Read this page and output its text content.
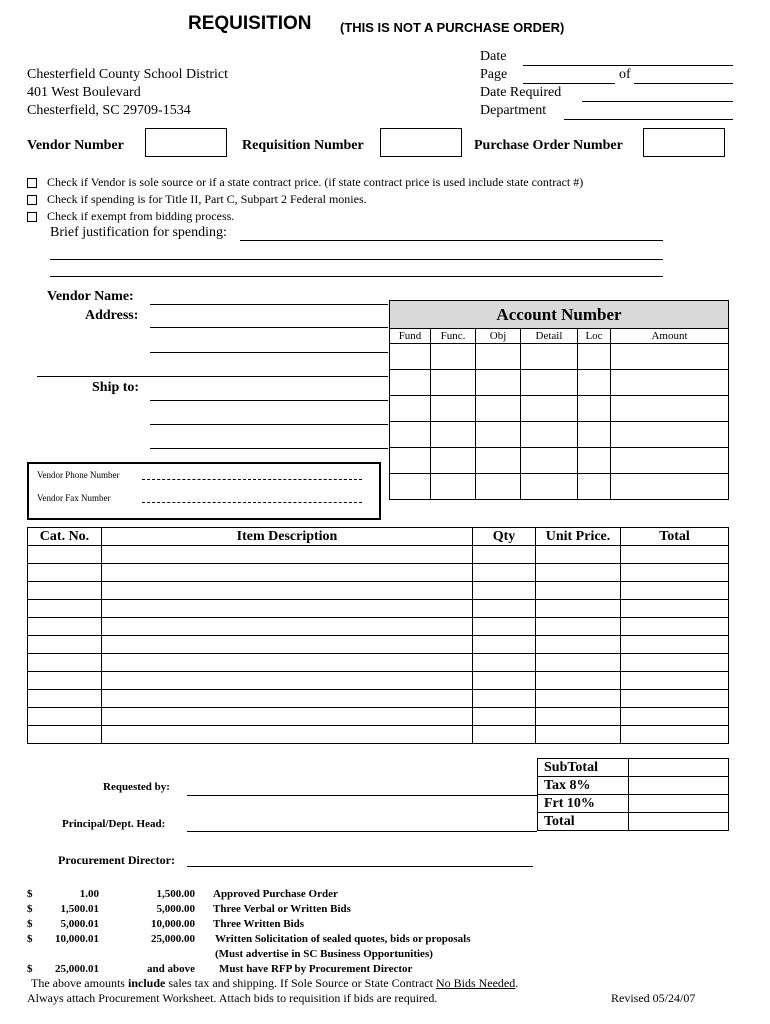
REQUISITION (THIS IS NOT A PURCHASE ORDER)
Chesterfield County School District
401 West Boulevard
Chesterfield, SC 29709-1534
Date
Page	of
Date Required
Department
Vendor Number	Requisition Number	Purchase Order Number
Check if Vendor is sole source or if a state contract price. (if state contract price is used include state contract #)
Check if spending is for Title II, Part C, Subpart 2 Federal monies.
Check if exempt from bidding process.
Brief justification for spending:
Vendor Name:
Address:
Ship to:
Vendor Phone Number
Vendor Fax Number
Account Number					
Fund	Func.	Obj	Detail	Loc	Amount

Cat. No.	Item Description	Qty	Unit Price.	Total

SubTotal	
Tax 8%	
Frt 10%	
Total	
Requested by:
Principal/Dept. Head:
Procurement Director:
$	1.00	1,500.00	Approved Purchase Order
$	1,500.01	5,000.00	Three Verbal or Written Bids
$	5,000.01	10,000.00	Three Written Bids
$	10,000.01	25,000.00	Written Solicitation of sealed quotes, bids or proposals
			(Must advertise in SC Business Opportunities)
$	25,000.01	and above	Must have RFP by Procurement Director
The above amounts include sales tax and shipping. If Sole Source or State Contract No Bids Needed.
Always attach Procurement Worksheet. Attach bids to requisition if bids are required.	Revised 05/24/07
